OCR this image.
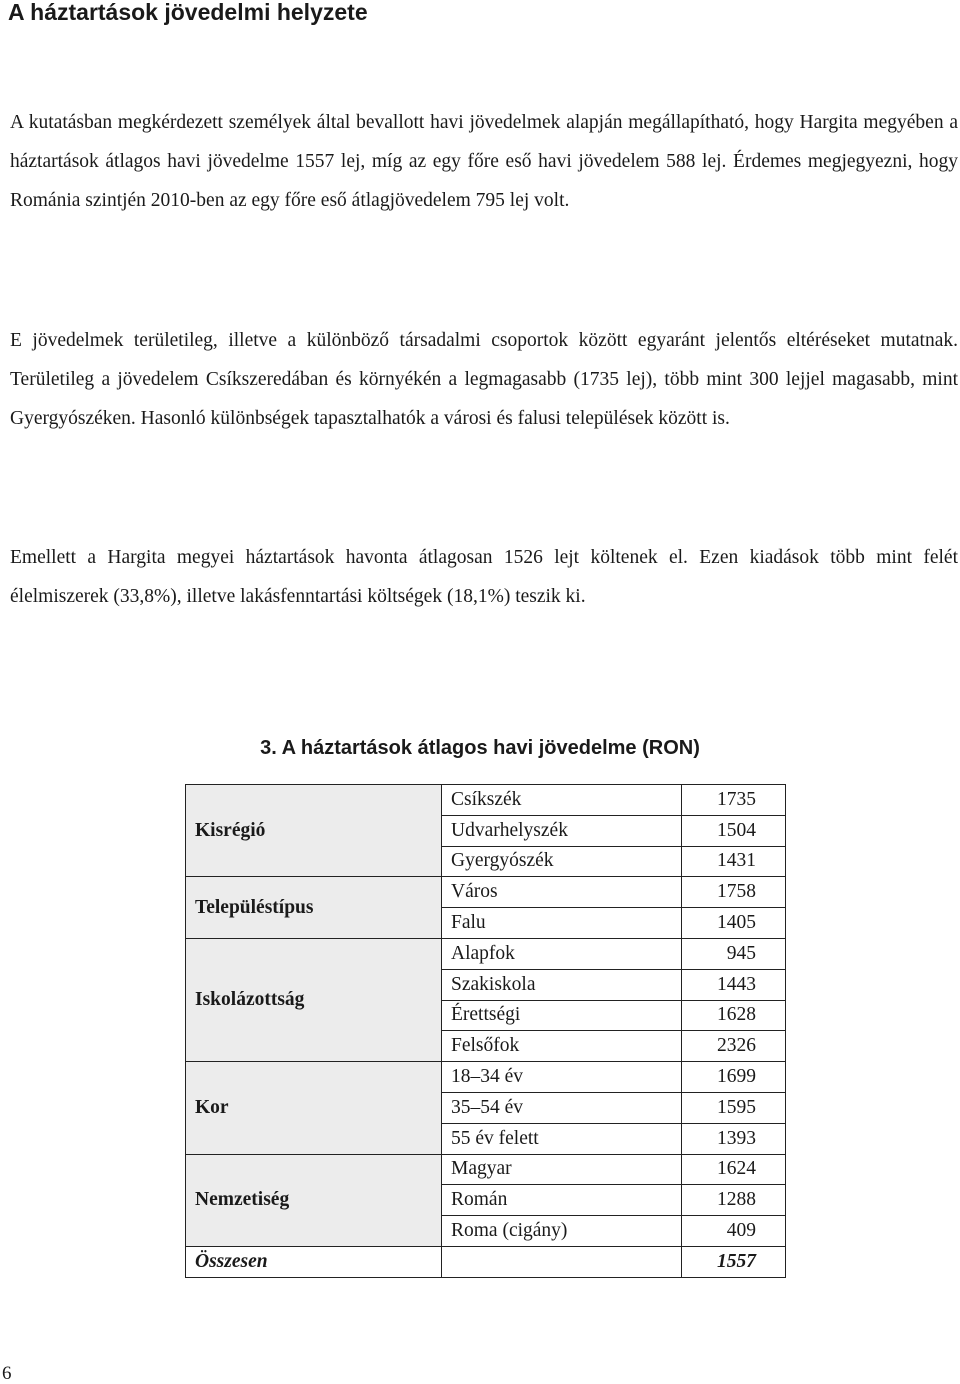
A háztartások jövedelmi helyzete

A kutatásban megkérdezett személyek által bevallott havi jövedelmek alapján megállapítható, hogy Hargita megyében a háztartások átlagos havi jövedelme 1557 lej, míg az egy főre eső havi jövedelem 588 lej. Érdemes megjegyezni, hogy Románia szintjén 2010-ben az egy főre eső átlagjövedelem 795 lej volt.

E jövedelmek területileg, illetve a különböző társadalmi csoportok között egyaránt jelentős eltéréseket mutatnak. Területileg a jövedelem Csíkszeredában és környékén a legmagasabb (1735 lej), több mint 300 lejjel magasabb, mint Gyergyószéken. Hasonló különbségek tapasztalhatók a városi és falusi települések között is.

Emellett a Hargita megyei háztartások havonta átlagosan 1526 lejt költenek el. Ezen kiadások több mint felét élelmiszerek (33,8%), illetve lakásfenntartási költségek (18,1%) teszik ki.

3. A háztartások átlagos havi jövedelme (RON)
Kisrégió
Csíkszék	1735
Udvarhelyszék	1504
Gyergyószék	1431
Településtípus
Város	1758
Falu	1405
Iskolázottság
Alapfok	945
Szakiskola	1443
Érettségi	1628
Felsőfok	2326
Kor
18–34 év	1699
35–54 év	1595
55 év felett	1393
Nemzetiség
Magyar	1624
Román	1288
Roma (cigány)	409
Összesen	1557
6
